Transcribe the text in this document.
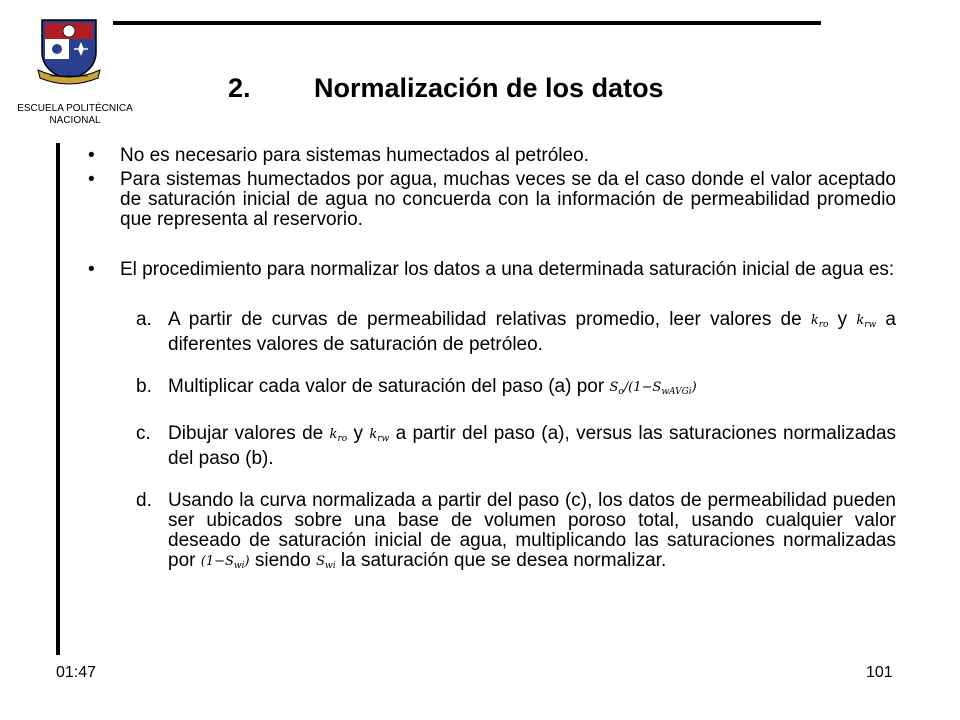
ESCUELA POLITÉCNICA
NACIONAL
2. Normalización de los datos
• No es necesario para sistemas humectados al petróleo.
• Para sistemas humectados por agua, muchas veces se da el caso donde el valor aceptado de saturación inicial de agua no concuerda con la información de permeabilidad promedio que representa al reservorio.
• El procedimiento para normalizar los datos a una determinada saturación inicial de agua es:
a. A partir de curvas de permeabilidad relativas promedio, leer valores de $k_{ro}$ y $k_{rw}$ a diferentes valores de saturación de petróleo.
b. Multiplicar cada valor de saturación del paso (a) por $S_o/(1-S_{wAVGi})$
c. Dibujar valores de $k_{ro}$ y $k_{rw}$ a partir del paso (a), versus las saturaciones normalizadas del paso (b).
d. Usando la curva normalizada a partir del paso (c), los datos de permeabilidad pueden ser ubicados sobre una base de volumen poroso total, usando cualquier valor deseado de saturación inicial de agua, multiplicando las saturaciones normalizadas por $(1-S_{wi})$ siendo $S_{wi}$ la saturación que se desea normalizar.
01:47	101
